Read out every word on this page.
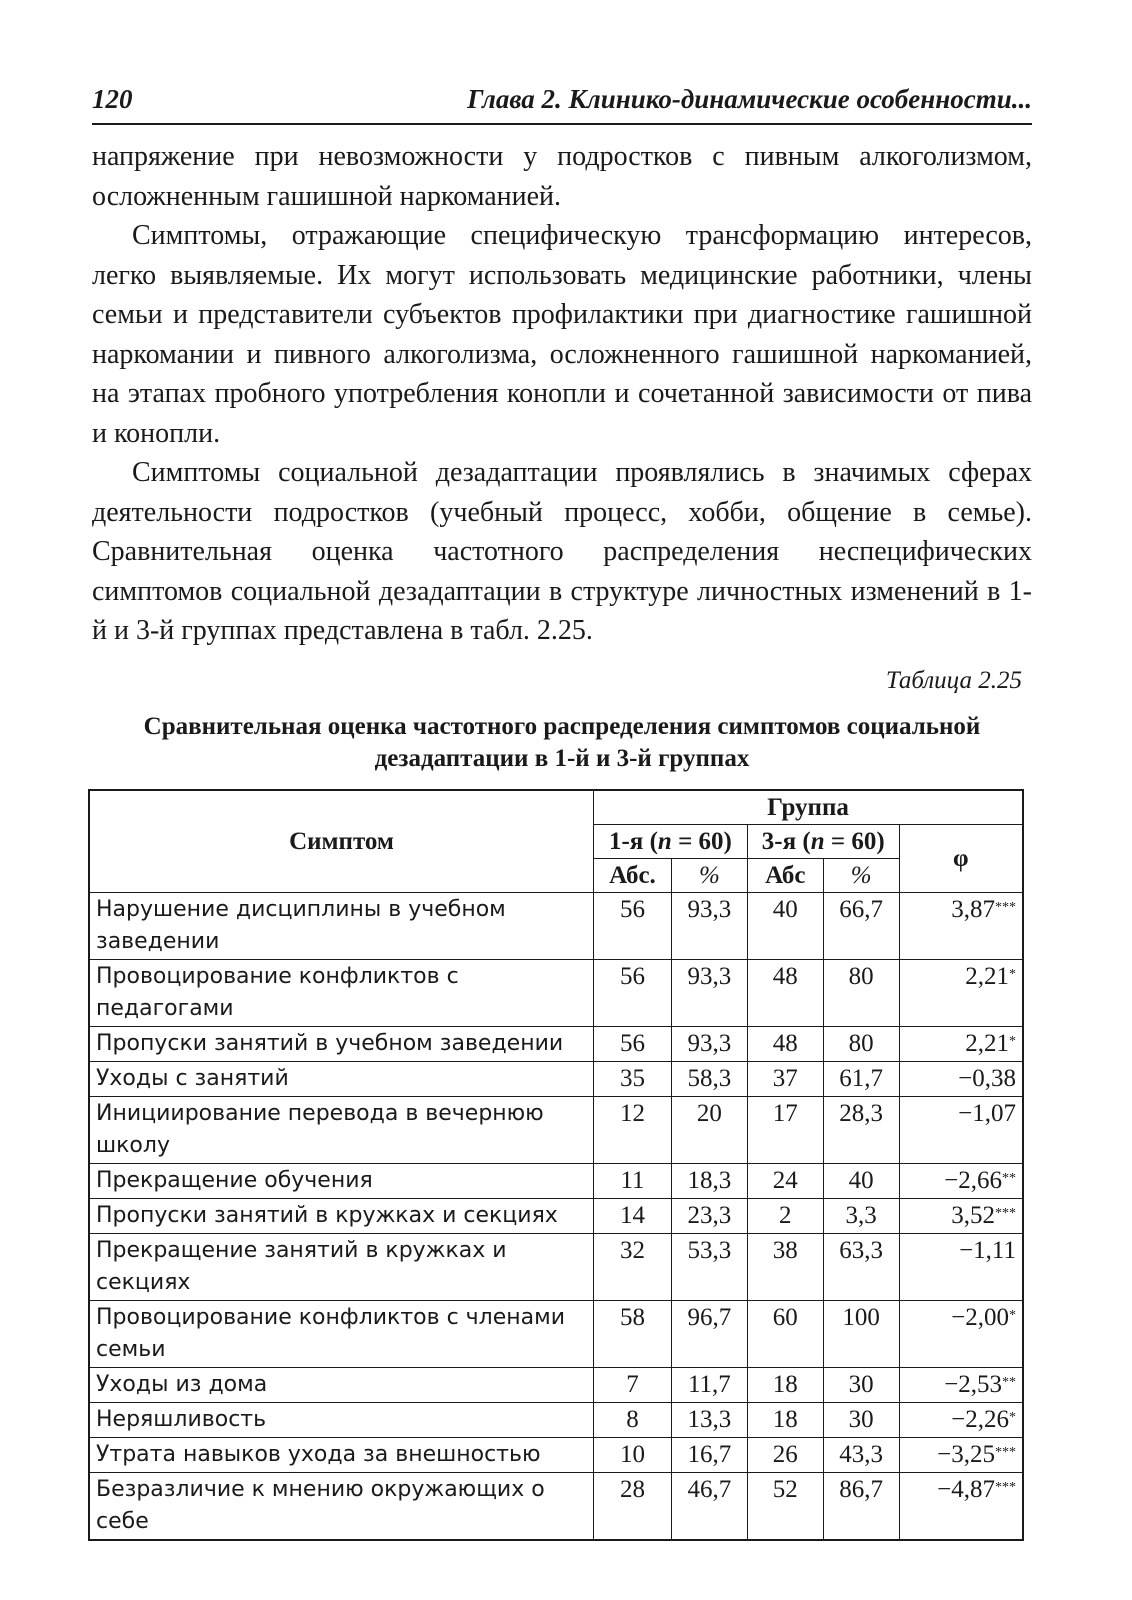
120	Глава 2. Клинико-динамические особенности...

напряжение при невозможности у подростков с пивным алкоголизмом, осложненным гашишной наркоманией.

Симптомы, отражающие специфическую трансформацию интересов, легко выявляемые. Их могут использовать медицинские работники, члены семьи и представители субъектов профилактики при диагностике гашишной наркомании и пивного алкоголизма, осложненного гашишной наркоманией, на этапах пробного употребления конопли и сочетанной зависимости от пива и конопли.

Симптомы социальной дезадаптации проявлялись в значимых сферах деятельности подростков (учебный процесс, хобби, общение в семье). Сравнительная оценка частотного распределения неспецифических симптомов социальной дезадаптации в структуре личностных изменений в 1-й и 3-й группах представлена в табл. 2.25.

Таблица 2.25
Сравнительная оценка частотного распределения симптомов социальной дезадаптации в 1-й и 3-й группах
Симптом	Группа				
	1-я (n = 60)		3-я (n = 60)		φ
	Абс.	%	Абс	%	
Нарушение дисциплины в учебном заведении	56	93,3	40	66,7	3,87***
Провоцирование конфликтов с педагогами	56	93,3	48	80	2,21*
Пропуски занятий в учебном заведении	56	93,3	48	80	2,21*
Уходы с занятий	35	58,3	37	61,7	−0,38
Инициирование перевода в вечернюю школу	12	20	17	28,3	−1,07
Прекращение обучения	11	18,3	24	40	−2,66**
Пропуски занятий в кружках и секциях	14	23,3	2	3,3	3,52***
Прекращение занятий в кружках и секциях	32	53,3	38	63,3	−1,11
Провоцирование конфликтов с членами семьи	58	96,7	60	100	−2,00*
Уходы из дома	7	11,7	18	30	−2,53**
Неряшливость	8	13,3	18	30	−2,26*
Утрата навыков ухода за внешностью	10	16,7	26	43,3	−3,25***
Безразличие к мнению окружающих о себе	28	46,7	52	86,7	−4,87***
